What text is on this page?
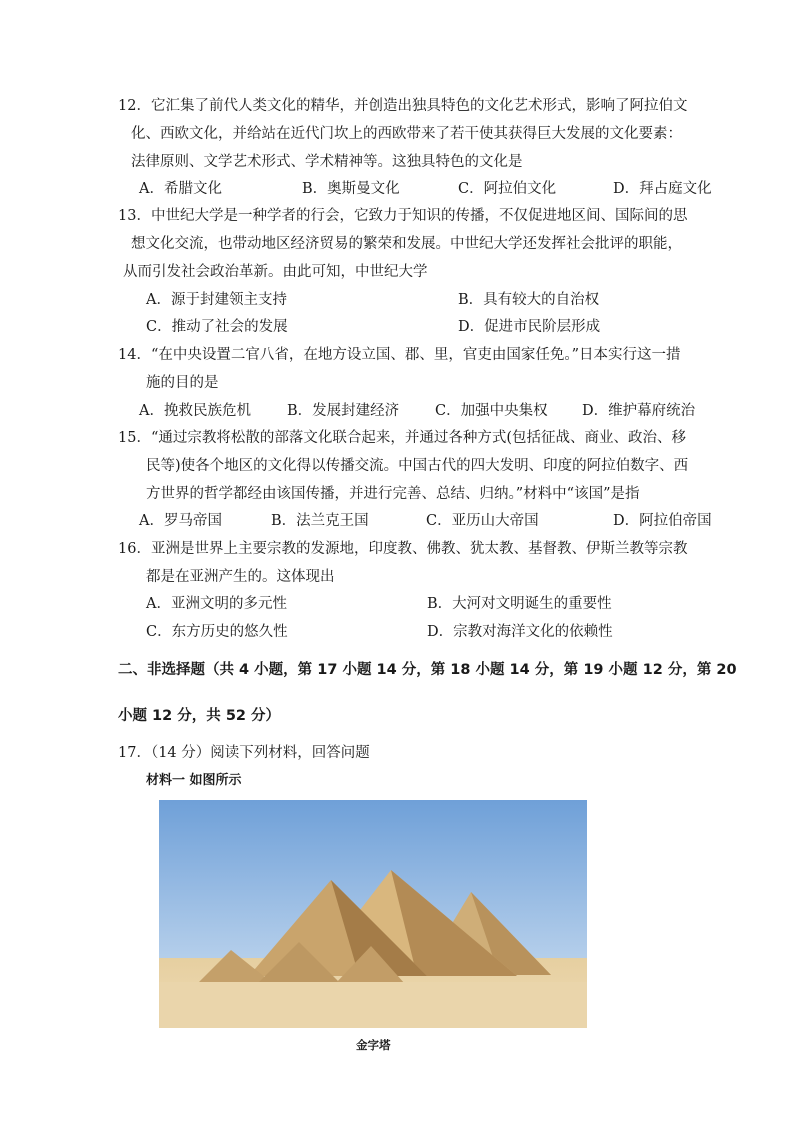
12．它汇集了前代人类文化的精华，并创造出独具特色的文化艺术形式，影响了阿拉伯文
化、西欧文化，并给站在近代门坎上的西欧带来了若干使其获得巨大发展的文化要素：
法律原则、文学艺术形式、学术精神等。这独具特色的文化是
A．希腊文化	B．奥斯曼文化	C．阿拉伯文化	D．拜占庭文化
13．中世纪大学是一种学者的行会，它致力于知识的传播，不仅促进地区间、国际间的思
想文化交流，也带动地区经济贸易的繁荣和发展。中世纪大学还发挥社会批评的职能，
从而引发社会政治革新。由此可知，中世纪大学
A．源于封建领主支持	B．具有较大的自治权
C．推动了社会的发展	D．促进市民阶层形成
14．“在中央设置二官八省，在地方设立国、郡、里，官吏由国家任免。”日本实行这一措
施的目的是
A．挽救民族危机 B．发展封建经济 C．加强中央集权 D．维护幕府统治
15．“通过宗教将松散的部落文化联合起来，并通过各种方式(包括征战、商业、政治、移
民等)使各个地区的文化得以传播交流。中国古代的四大发明、印度的阿拉伯数字、西
方世界的哲学都经由该国传播，并进行完善、总结、归纳。”材料中“该国”是指
A．罗马帝国	B．法兰克王国	C．亚历山大帝国	D．阿拉伯帝国
16．亚洲是世界上主要宗教的发源地，印度教、佛教、犹太教、基督教、伊斯兰教等宗教
都是在亚洲产生的。这体现出
A．亚洲文明的多元性	B．大河对文明诞生的重要性
C．东方历史的悠久性	D．宗教对海洋文化的依赖性
二、非选择题（共 4 小题，第 17 小题 14 分，第 18 小题 14 分，第 19 小题 12 分，第 20
小题 12 分，共 52 分）
17．（14 分）阅读下列材料，回答问题
材料一 如图所示
金字塔
